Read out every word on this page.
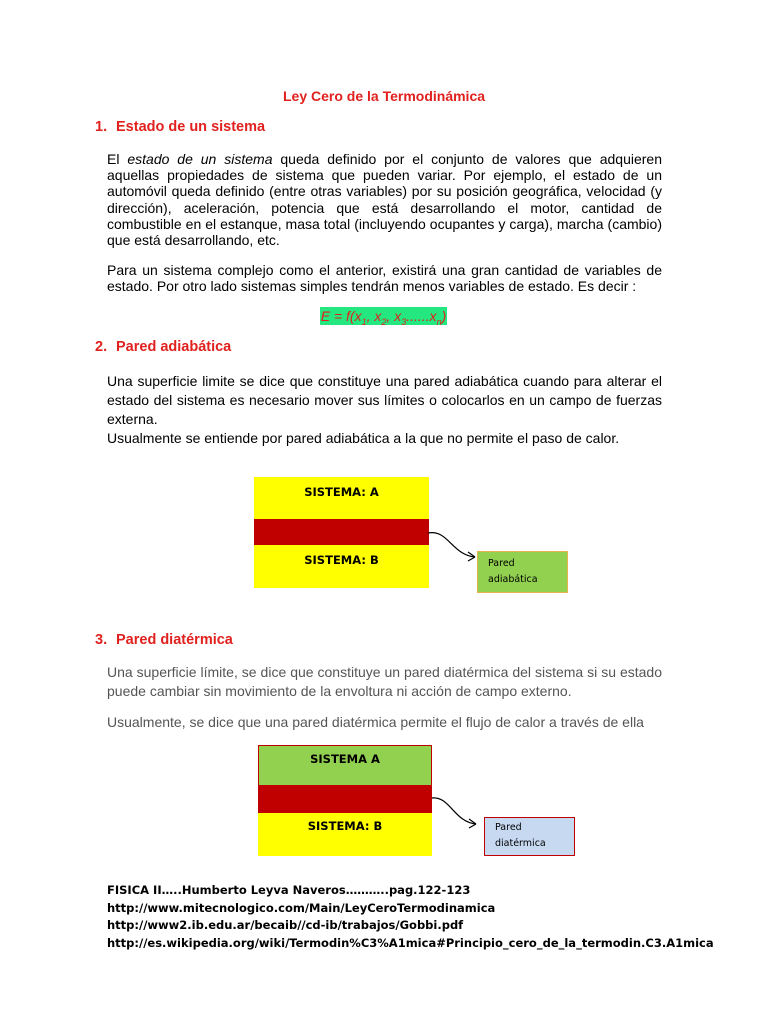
Ley Cero de la Termodinámica
1. Estado de un sistema
El estado de un sistema queda definido por el conjunto de valores que adquieren aquellas propiedades de sistema que pueden variar. Por ejemplo, el estado de un automóvil queda definido (entre otras variables) por su posición geográfica, velocidad (y dirección), aceleración, potencia que está desarrollando el motor, cantidad de combustible en el estanque, masa total (incluyendo ocupantes y carga), marcha (cambio) que está desarrollando, etc.
Para un sistema complejo como el anterior, existirá una gran cantidad de variables de estado. Por otro lado sistemas simples tendrán menos variables de estado. Es decir :
$E = f(x_1$, $x_2$, $x_3......x_n$)
2. Pared adiabática
Una superficie limite se dice que constituye una pared adiabática cuando para alterar el estado del sistema es necesario mover sus límites o colocarlos en un campo de fuerzas externa.
Usualmente se entiende por pared adiabática a la que no permite el paso de calor.
SISTEMA: A
SISTEMA: B	Pared
adiabática
3. Pared diatérmica
Una superficie límite, se dice que constituye un pared diatérmica del sistema si su estado puede cambiar sin movimiento de la envoltura ni acción de campo externo.
Usualmente, se dice que una pared diatérmica permite el flujo de calor a través de ella
SISTEMA A
SISTEMA: B	Pared
diatérmica
FISICA II…..Humberto Leyva Naveros………..pag.122-123
http://www.mitecnologico.com/Main/LeyCeroTermodinamica
http://www2.ib.edu.ar/becaib//cd-ib/trabajos/Gobbi.pdf
http://es.wikipedia.org/wiki/Termodin%C3%A1mica#Principio_cero_de_la_termodin.C3.A1mica
